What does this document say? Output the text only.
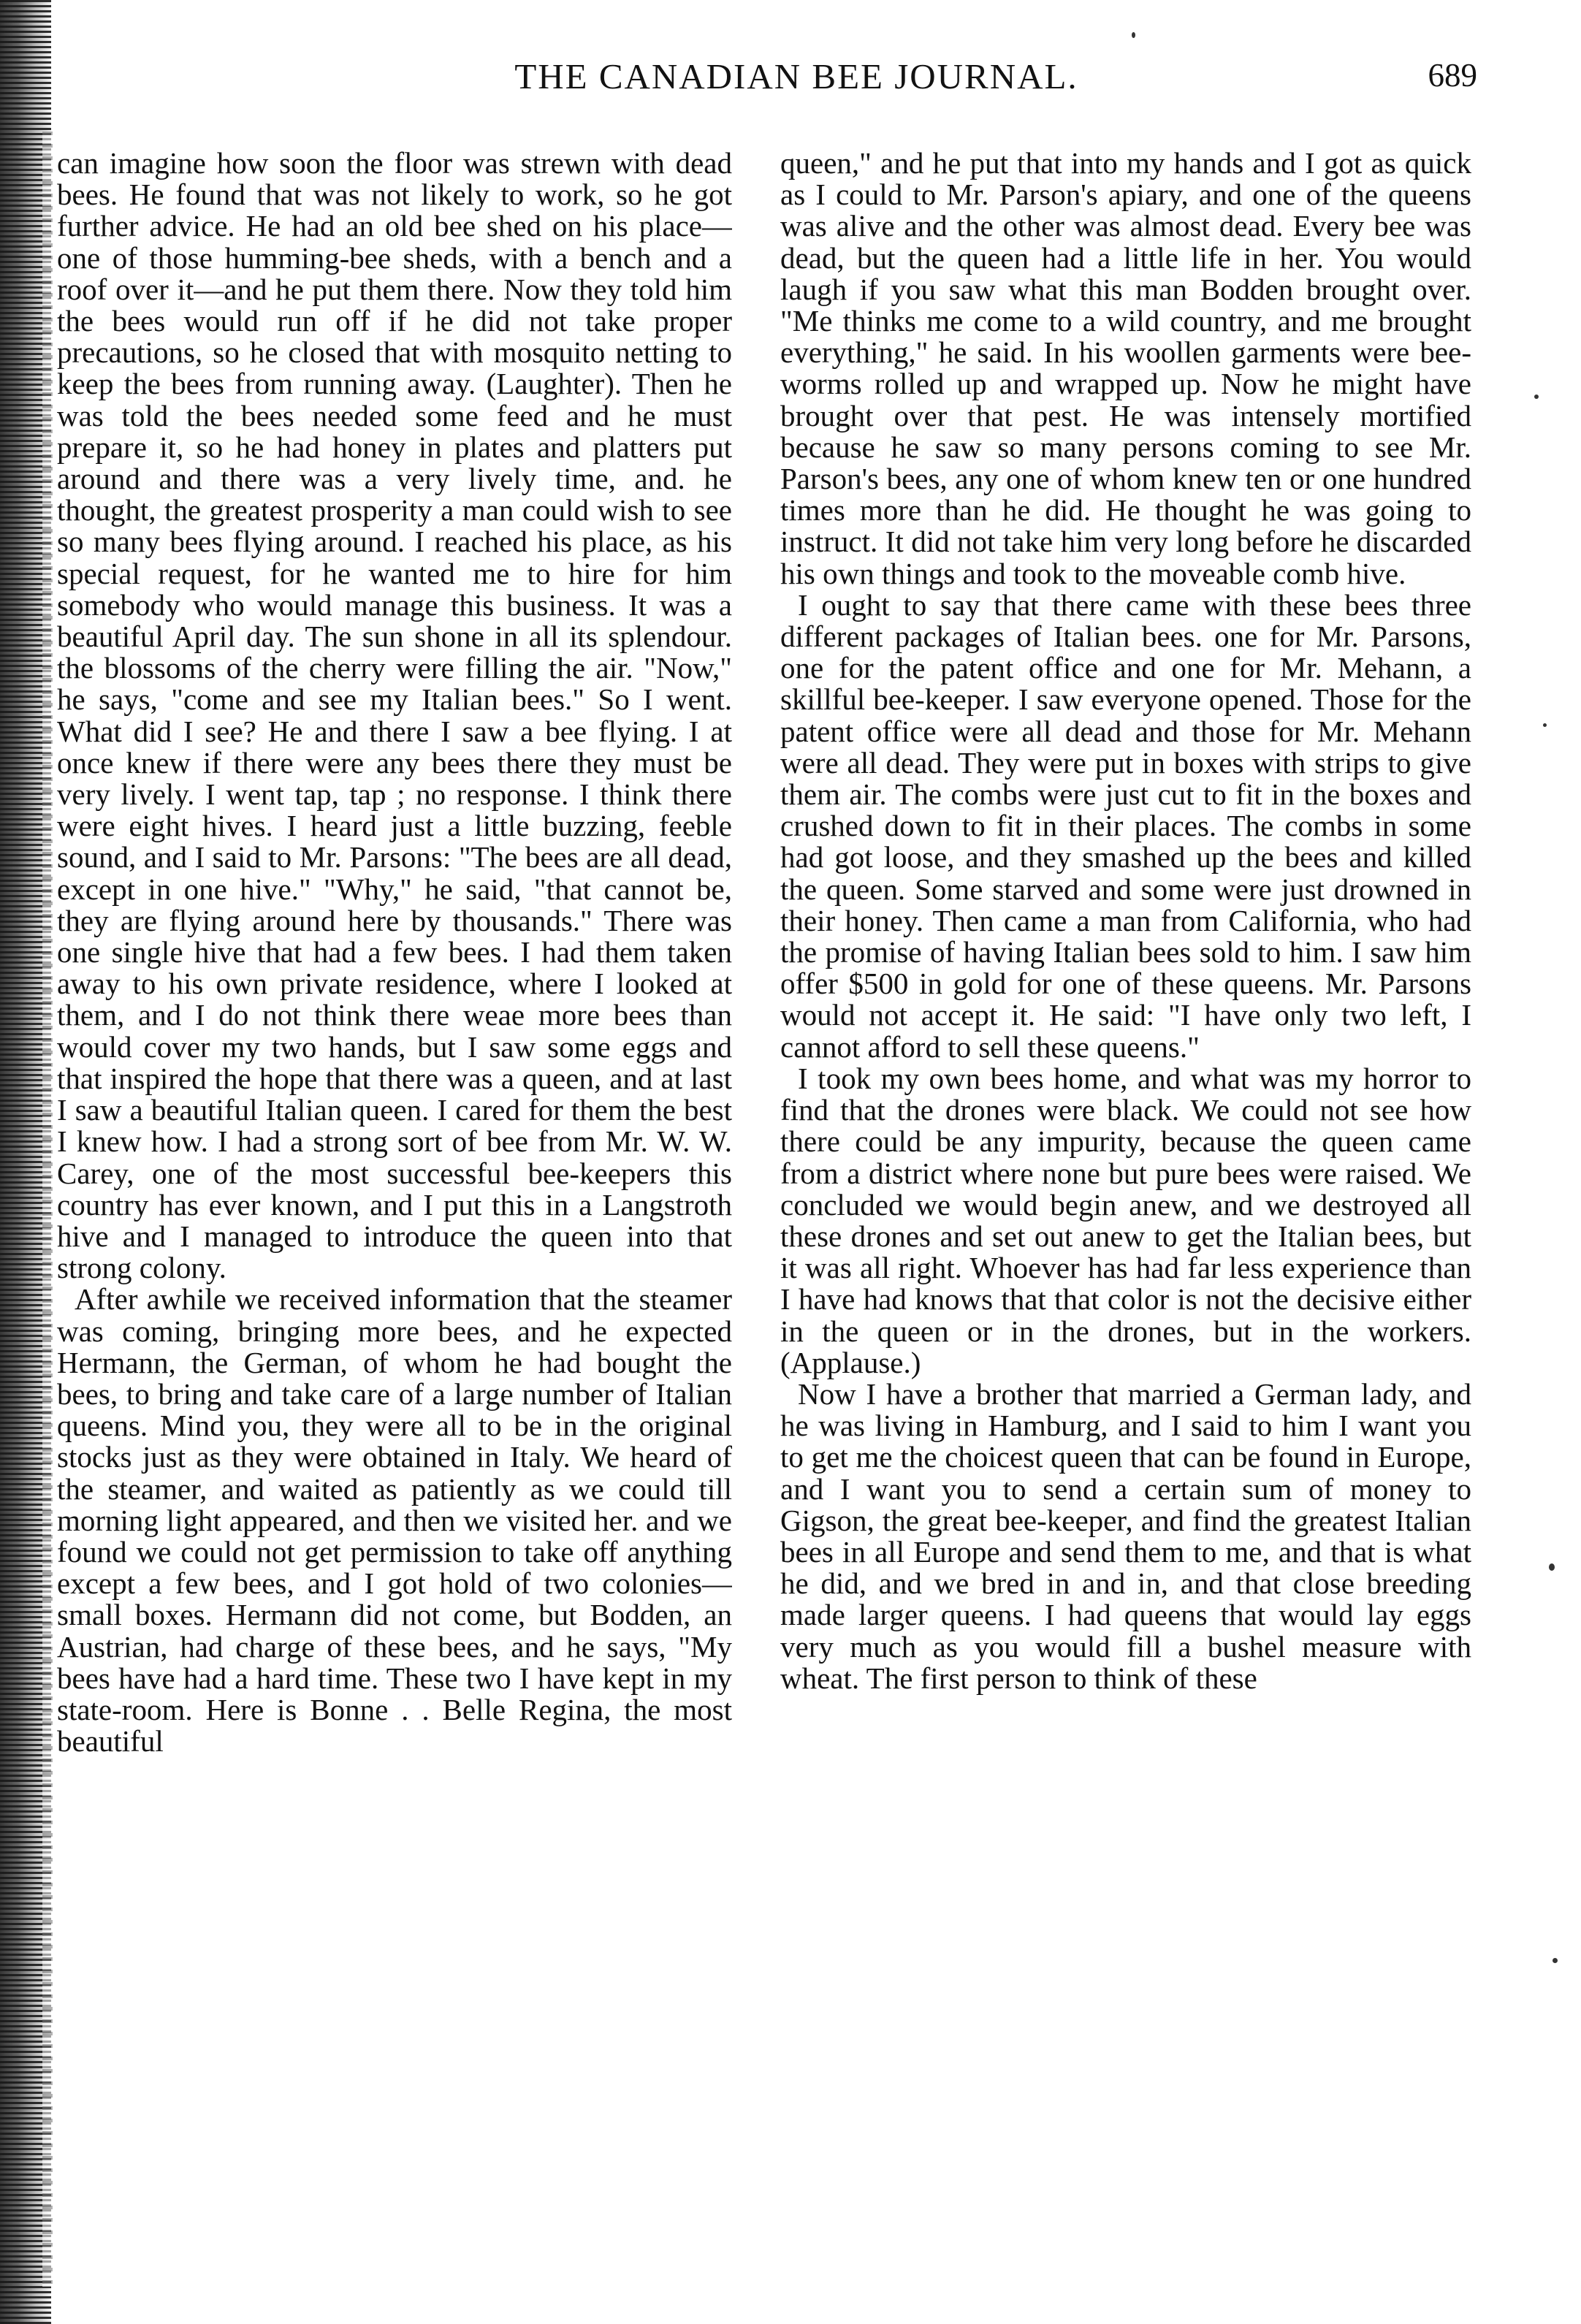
THE CANADIAN BEE JOURNAL.	689

can imagine how soon the floor was strewn with dead bees. He found that was not likely to work, so he got further advice. He had an old bee shed on his place—one of those humming-bee sheds, with a bench and a roof over it—and he put them there. Now they told him the bees would run off if he did not take proper precautions, so he closed that with mosquito netting to keep the bees from running away. (Laughter). Then he was told the bees needed some feed and he must prepare it, so he had honey in plates and platters put around and there was a very lively time, and. he thought, the greatest prosperity a man could wish to see so many bees flying around. I reached his place, as his special request, for he wanted me to hire for him somebody who would manage this business. It was a beautiful April day. The sun shone in all its splendour. the blossoms of the cherry were filling the air. "Now," he says, "come and see my Italian bees." So I went. What did I see? He and there I saw a bee flying. I at once knew if there were any bees there they must be very lively. I went tap, tap ; no response. I think there were eight hives. I heard just a little buzzing, feeble sound, and I said to Mr. Parsons: "The bees are all dead, except in one hive." "Why," he said, "that cannot be, they are flying around here by thousands." There was one single hive that had a few bees. I had them taken away to his own private residence, where I looked at them, and I do not think there weae more bees than would cover my two hands, but I saw some eggs and that inspired the hope that there was a queen, and at last I saw a beautiful Italian queen. I cared for them the best I knew how. I had a strong sort of bee from Mr. W. W. Carey, one of the most successful bee-keepers this country has ever known, and I put this in a Langstroth hive and I managed to introduce the queen into that strong colony.

After awhile we received information that the steamer was coming, bringing more bees, and he expected Hermann, the German, of whom he had bought the bees, to bring and take care of a large number of Italian queens. Mind you, they were all to be in the original stocks just as they were obtained in Italy. We heard of the steamer, and waited as patiently as we could till morning light appeared, and then we visited her. and we found we could not get permission to take off anything except a few bees, and I got hold of two colonies—small boxes. Hermann did not come, but Bodden, an Austrian, had charge of these bees, and he says, "My bees have had a hard time. These two I have kept in my state-room. Here is Bonne . . Belle Regina, the most beautiful

queen," and he put that into my hands and I got as quick as I could to Mr. Parson's apiary, and one of the queens was alive and the other was almost dead. Every bee was dead, but the queen had a little life in her. You would laugh if you saw what this man Bodden brought over. "Me thinks me come to a wild country, and me brought everything," he said. In his woollen garments were bee-worms rolled up and wrapped up. Now he might have brought over that pest. He was intensely mortified because he saw so many persons coming to see Mr. Parson's bees, any one of whom knew ten or one hundred times more than he did. He thought he was going to instruct. It did not take him very long before he discarded his own things and took to the moveable comb hive.

I ought to say that there came with these bees three different packages of Italian bees. one for Mr. Parsons, one for the patent office and one for Mr. Mehann, a skillful bee-keeper. I saw everyone opened. Those for the patent office were all dead and those for Mr. Mehann were all dead. They were put in boxes with strips to give them air. The combs were just cut to fit in the boxes and crushed down to fit in their places. The combs in some had got loose, and they smashed up the bees and killed the queen. Some starved and some were just drowned in their honey. Then came a man from California, who had the promise of having Italian bees sold to him. I saw him offer $500 in gold for one of these queens. Mr. Parsons would not accept it. He said: "I have only two left, I cannot afford to sell these queens."

I took my own bees home, and what was my horror to find that the drones were black. We could not see how there could be any impurity, because the queen came from a district where none but pure bees were raised. We concluded we would begin anew, and we destroyed all these drones and set out anew to get the Italian bees, but it was all right. Whoever has had far less experience than I have had knows that that color is not the decisive either in the queen or in the drones, but in the workers. (Applause.)

Now I have a brother that married a German lady, and he was living in Hamburg, and I said to him I want you to get me the choicest queen that can be found in Europe, and I want you to send a certain sum of money to Gigson, the great bee-keeper, and find the greatest Italian bees in all Europe and send them to me, and that is what he did, and we bred in and in, and that close breeding made larger queens. I had queens that would lay eggs very much as you would fill a bushel measure with wheat. The first person to think of these
